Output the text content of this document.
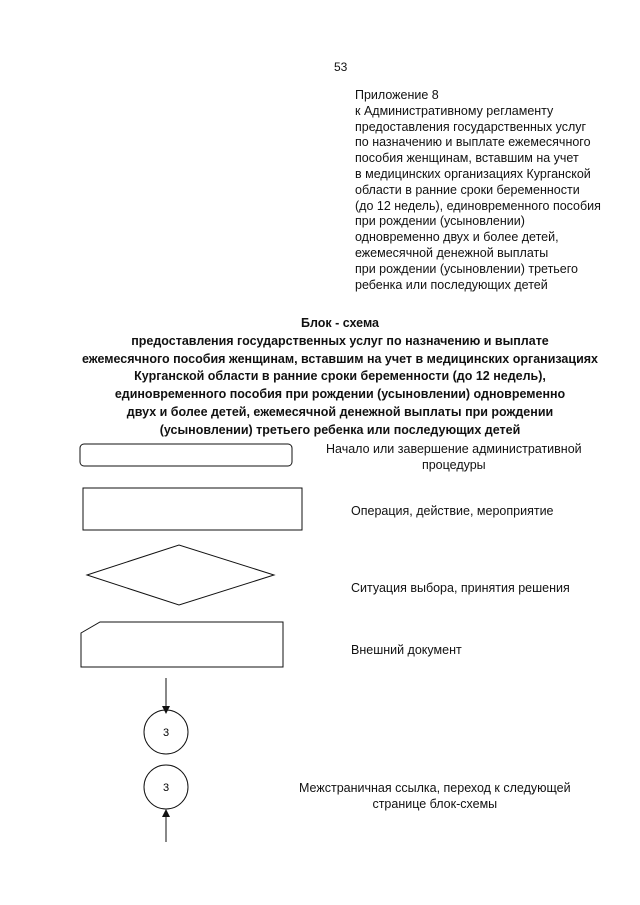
53
Приложение 8
к Административному регламенту
предоставления государственных услуг
по назначению и выплате ежемесячного
пособия женщинам, вставшим на учет
в медицинских организациях Курганской
области в ранние сроки беременности
(до 12 недель), единовременного пособия
при рождении (усыновлении)
одновременно двух и более детей,
ежемесячной денежной выплаты
при рождении (усыновлении) третьего
ребенка или последующих детей
Блок - схема
предоставления государственных услуг по назначению и выплате
ежемесячного пособия женщинам, вставшим на учет в медицинских организациях
Курганской области в ранние сроки беременности (до 12 недель),
единовременного пособия при рождении (усыновлении) одновременно
двух и более детей, ежемесячной денежной выплаты при рождении
(усыновлении) третьего ребенка или последующих детей
3
3
Начало или завершение административной
процедуры
Операция, действие, мероприятие
Ситуация выбора, принятия решения
Внешний документ
Межстраничная ссылка, переход к следующей
странице блок-схемы
